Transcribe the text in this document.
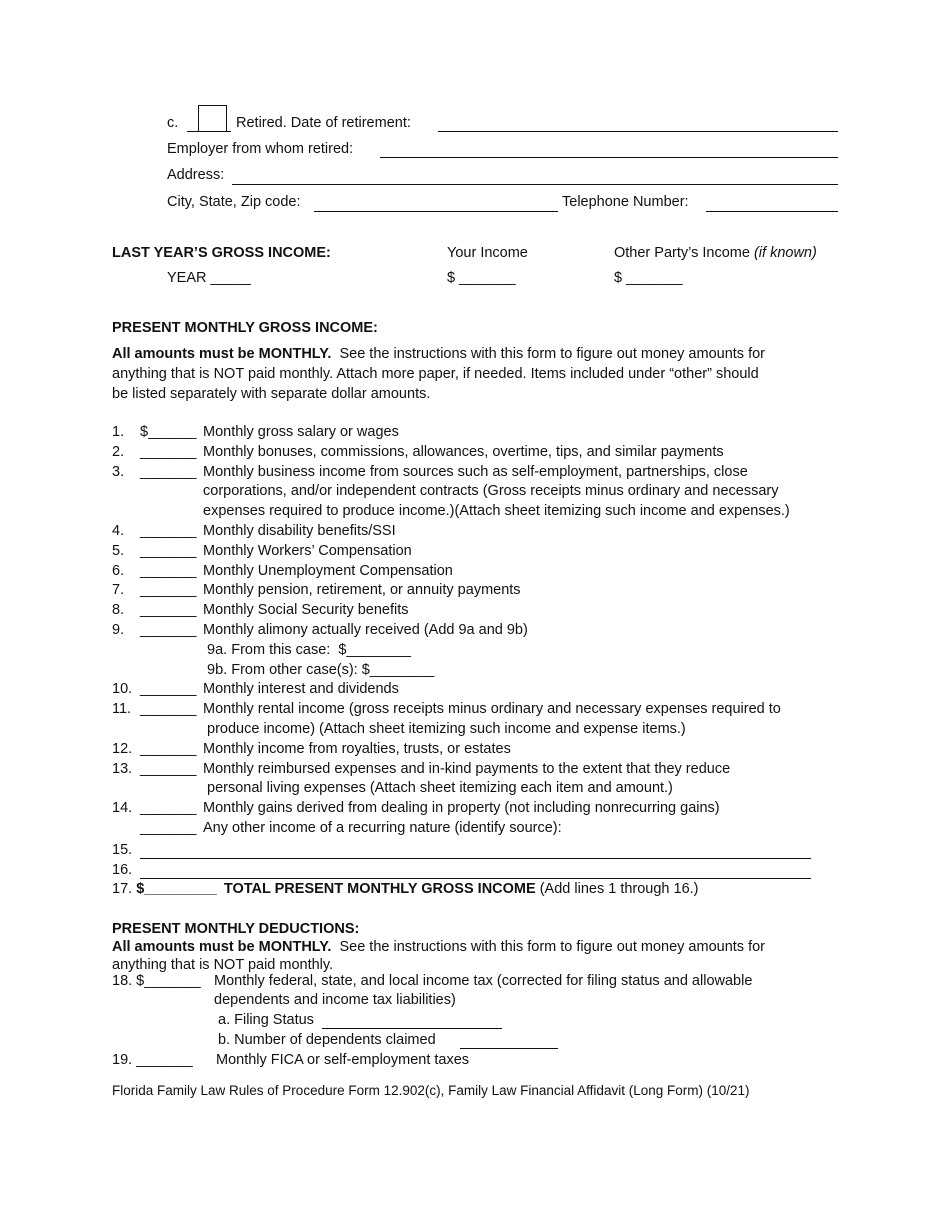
c.	Retired. Date of retirement:
Employer from whom retired:
Address:
City, State, Zip code:	Telephone Number:
LAST YEAR’S GROSS INCOME:	Your Income	Other Party’s Income (if known)
YEAR _____	$ _______	$ _______
PRESENT MONTHLY GROSS INCOME:
All amounts must be MONTHLY.  See the instructions with this form to figure out money amounts for
anything that is NOT paid monthly. Attach more paper, if needed. Items included under “other” should
be listed separately with separate dollar amounts.
1. $______ Monthly gross salary or wages
2. _______ Monthly bonuses, commissions, allowances, overtime, tips, and similar payments
3. _______ Monthly business income from sources such as self-employment, partnerships, close
corporations, and/or independent contracts (Gross receipts minus ordinary and necessary
expenses required to produce income.)(Attach sheet itemizing such income and expenses.)
4. _______ Monthly disability benefits/SSI
5. _______ Monthly Workers’ Compensation
6. _______ Monthly Unemployment Compensation
7. _______ Monthly pension, retirement, or annuity payments
8. _______ Monthly Social Security benefits
9. _______ Monthly alimony actually received (Add 9a and 9b)
9a. From this case:  $________
9b. From other case(s): $________
10. _______ Monthly interest and dividends
11. _______ Monthly rental income (gross receipts minus ordinary and necessary expenses required to
produce income) (Attach sheet itemizing such income and expense items.)
12. _______ Monthly income from royalties, trusts, or estates
13. _______ Monthly reimbursed expenses and in-kind payments to the extent that they reduce
personal living expenses (Attach sheet itemizing each item and amount.)
14. _______ Monthly gains derived from dealing in property (not including nonrecurring gains)
_______ Any other income of a recurring nature (identify source):
15.
16.
17. $_________ TOTAL PRESENT MONTHLY GROSS INCOME (Add lines 1 through 16.)
PRESENT MONTHLY DEDUCTIONS:
All amounts must be MONTHLY.  See the instructions with this form to figure out money amounts for
anything that is NOT paid monthly.
18. $_______ Monthly federal, state, and local income tax (corrected for filing status and allowable
dependents and income tax liabilities)
a. Filing Status
b. Number of dependents claimed
19. _______ Monthly FICA or self-employment taxes
Florida Family Law Rules of Procedure Form 12.902(c), Family Law Financial Affidavit (Long Form) (10/21)
